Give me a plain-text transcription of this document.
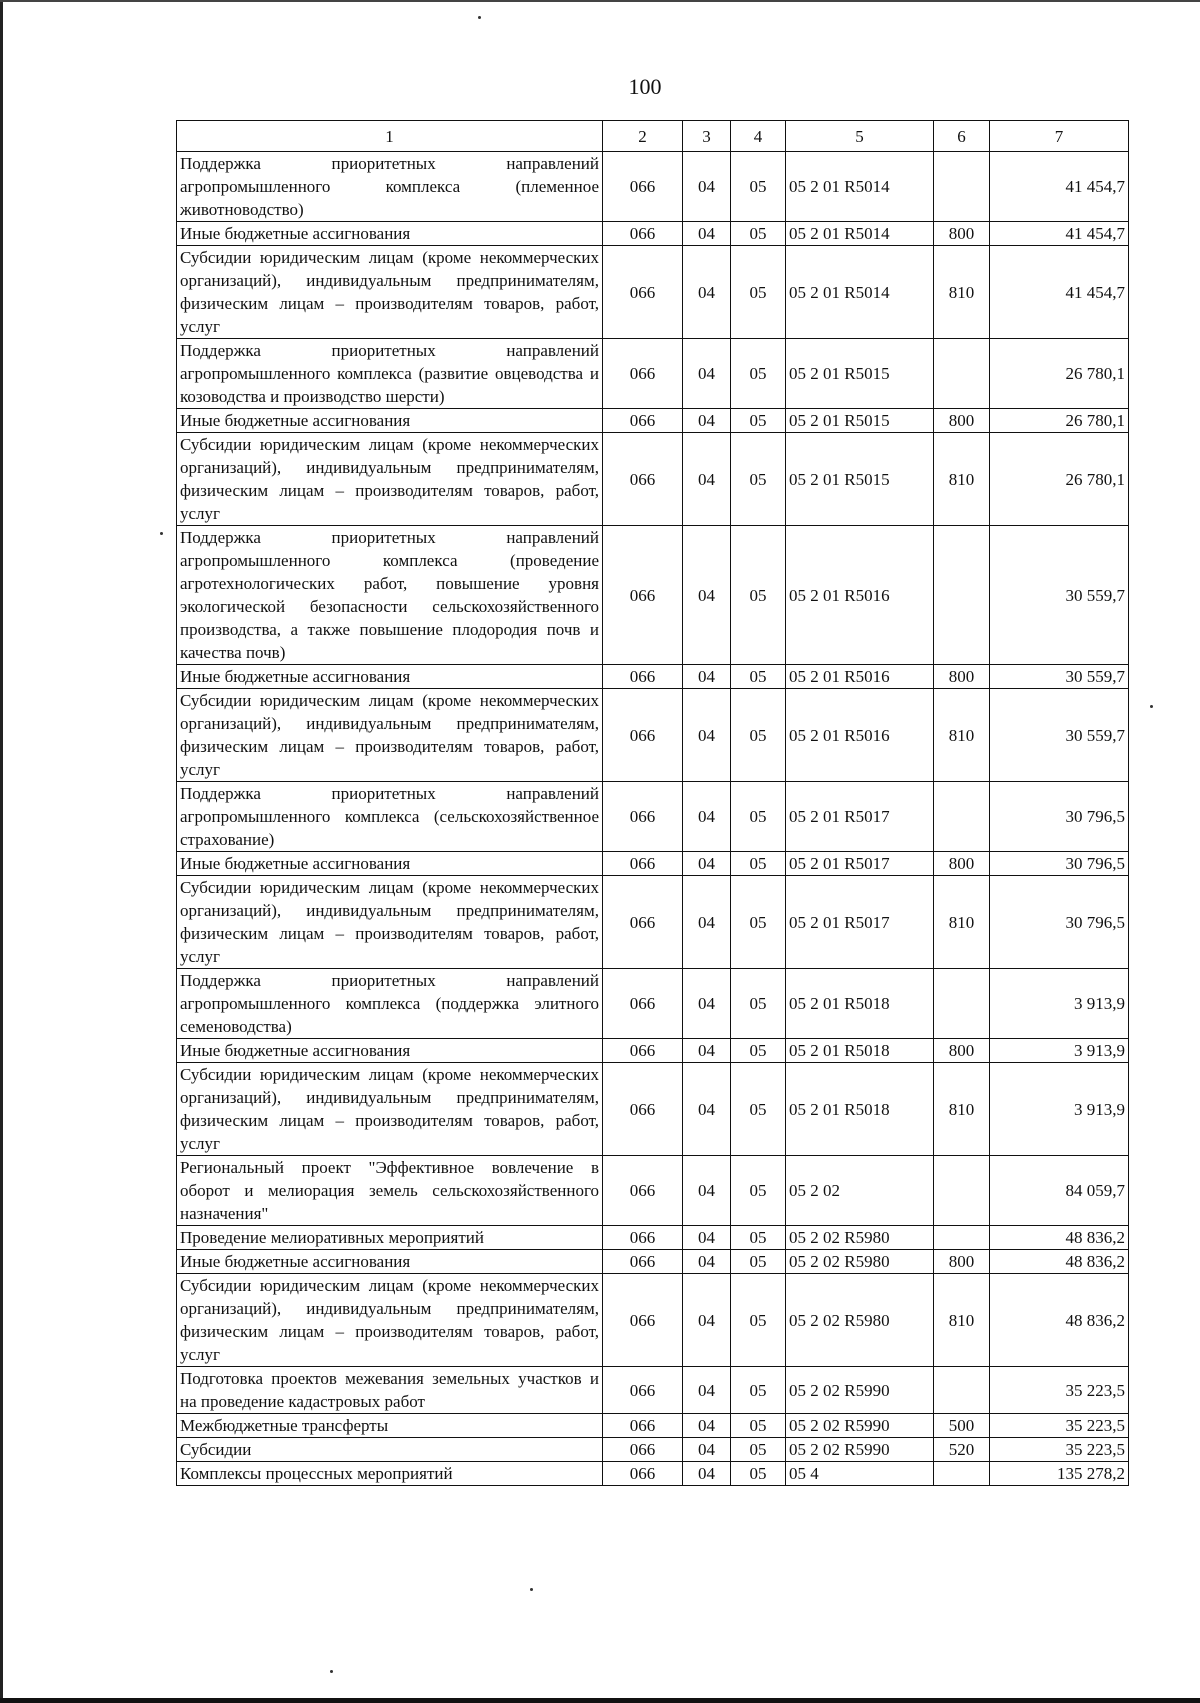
100
1	2	3	4	5	6	7
Поддержка приоритетных направлений агропромышленного комплекса (племенное животноводство)	066	04	05	05 2 01 R5014		41 454,7
Иные бюджетные ассигнования	066	04	05	05 2 01 R5014	800	41 454,7
Субсидии юридическим лицам (кроме некоммерческих организаций), индивидуальным предпринимателям, физическим лицам – производителям товаров, работ, услуг	066	04	05	05 2 01 R5014	810	41 454,7
Поддержка приоритетных направлений агропромышленного комплекса (развитие овцеводства и козоводства и производство шерсти)	066	04	05	05 2 01 R5015		26 780,1
Иные бюджетные ассигнования	066	04	05	05 2 01 R5015	800	26 780,1
Субсидии юридическим лицам (кроме некоммерческих организаций), индивидуальным предпринимателям, физическим лицам – производителям товаров, работ, услуг	066	04	05	05 2 01 R5015	810	26 780,1
Поддержка приоритетных направлений агропромышленного комплекса (проведение агротехнологических работ, повышение уровня экологической безопасности сельскохозяйственного производства, а также повышение плодородия почв и качества почв)	066	04	05	05 2 01 R5016		30 559,7
Иные бюджетные ассигнования	066	04	05	05 2 01 R5016	800	30 559,7
Субсидии юридическим лицам (кроме некоммерческих организаций), индивидуальным предпринимателям, физическим лицам – производителям товаров, работ, услуг	066	04	05	05 2 01 R5016	810	30 559,7
Поддержка приоритетных направлений агропромышленного комплекса (сельскохозяйственное страхование)	066	04	05	05 2 01 R5017		30 796,5
Иные бюджетные ассигнования	066	04	05	05 2 01 R5017	800	30 796,5
Субсидии юридическим лицам (кроме некоммерческих организаций), индивидуальным предпринимателям, физическим лицам – производителям товаров, работ, услуг	066	04	05	05 2 01 R5017	810	30 796,5
Поддержка приоритетных направлений агропромышленного комплекса (поддержка элитного семеноводства)	066	04	05	05 2 01 R5018		3 913,9
Иные бюджетные ассигнования	066	04	05	05 2 01 R5018	800	3 913,9
Субсидии юридическим лицам (кроме некоммерческих организаций), индивидуальным предпринимателям, физическим лицам – производителям товаров, работ, услуг	066	04	05	05 2 01 R5018	810	3 913,9
Региональный проект "Эффективное вовлечение в оборот и мелиорация земель сельскохозяйственного назначения"	066	04	05	05 2 02		84 059,7
Проведение мелиоративных мероприятий	066	04	05	05 2 02 R5980		48 836,2
Иные бюджетные ассигнования	066	04	05	05 2 02 R5980	800	48 836,2
Субсидии юридическим лицам (кроме некоммерческих организаций), индивидуальным предпринимателям, физическим лицам – производителям товаров, работ, услуг	066	04	05	05 2 02 R5980	810	48 836,2
Подготовка проектов межевания земельных участков и на проведение кадастровых работ	066	04	05	05 2 02 R5990		35 223,5
Межбюджетные трансферты	066	04	05	05 2 02 R5990	500	35 223,5
Субсидии	066	04	05	05 2 02 R5990	520	35 223,5
Комплексы процессных мероприятий	066	04	05	05 4		135 278,2
